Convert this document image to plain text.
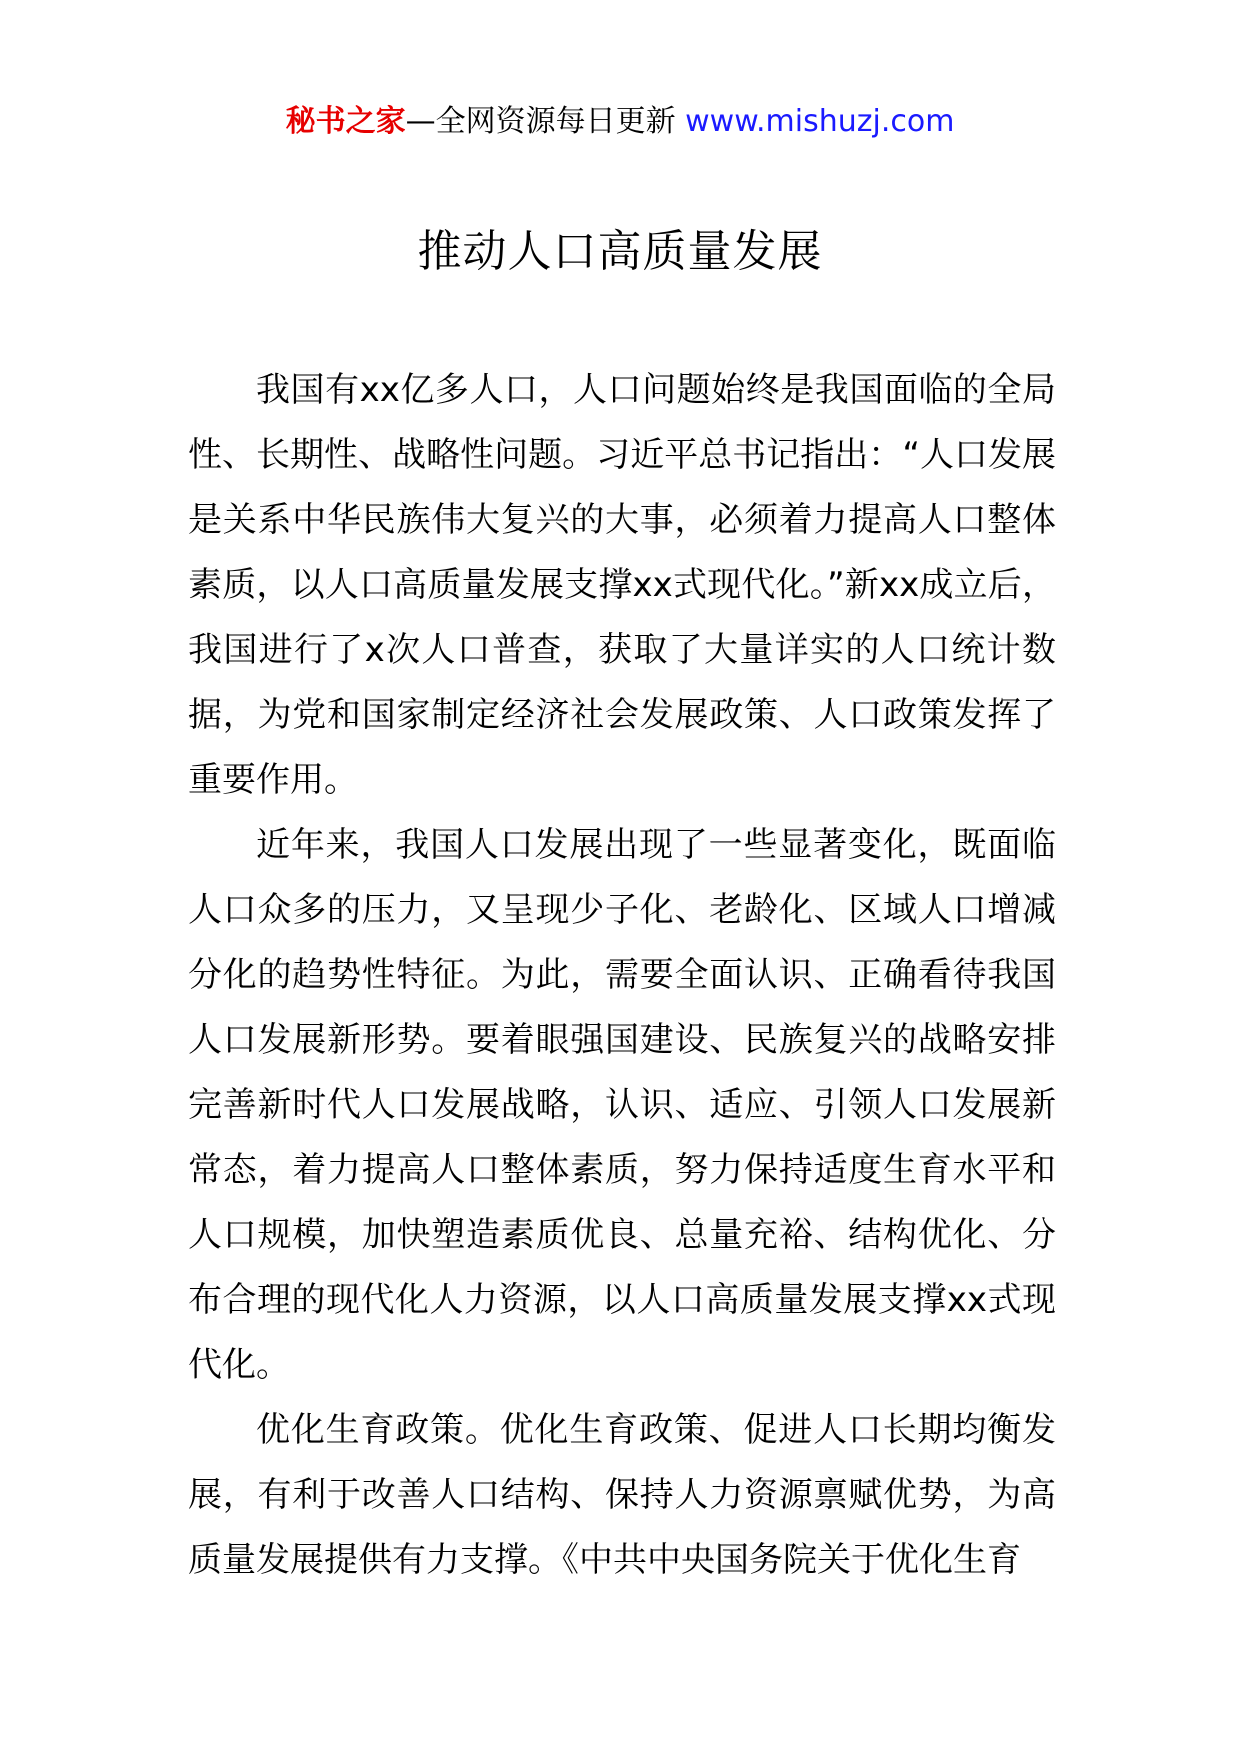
秘书之家—全网资源每日更新 www.mishuzj.com
推动人口高质量发展

我国有xx亿多人口，人口问题始终是我国面临的全局性、长期性、战略性问题。习近平总书记指出：“人口发展是关系中华民族伟大复兴的大事，必须着力提高人口整体素质，以人口高质量发展支撑xx式现代化。”新xx成立后，我国进行了x次人口普查，获取了大量详实的人口统计数据，为党和国家制定经济社会发展政策、人口政策发挥了重要作用。

近年来，我国人口发展出现了一些显著变化，既面临人口众多的压力，又呈现少子化、老龄化、区域人口增减分化的趋势性特征。为此，需要全面认识、正确看待我国人口发展新形势。要着眼强国建设、民族复兴的战略安排完善新时代人口发展战略，认识、适应、引领人口发展新常态，着力提高人口整体素质，努力保持适度生育水平和人口规模，加快塑造素质优良、总量充裕、结构优化、分布合理的现代化人力资源，以人口高质量发展支撑xx式现代化。

优化生育政策。优化生育政策、促进人口长期均衡发展，有利于改善人口结构、保持人力资源禀赋优势，为高质量发展提供有力支撑。《中共中央国务院关于优化生育
